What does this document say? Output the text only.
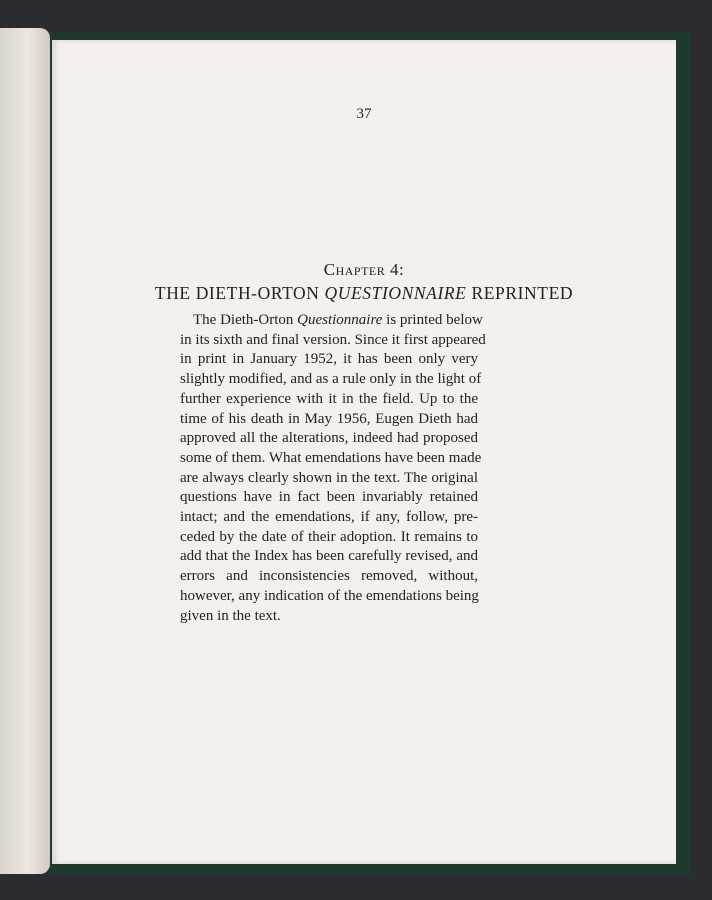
37
Chapter 4:
THE DIETH-ORTON QUESTIONNAIRE REPRINTED
The Dieth-Orton Questionnaire is printed below
in its sixth and final version. Since it first appeared
in print in January 1952, it has been only very
slightly modified, and as a rule only in the light of
further experience with it in the field. Up to the
time of his death in May 1956, Eugen Dieth had
approved all the alterations, indeed had proposed
some of them. What emendations have been made
are always clearly shown in the text. The original
questions have in fact been invariably retained
intact; and the emendations, if any, follow, pre-
ceded by the date of their adoption. It remains to
add that the Index has been carefully revised, and
errors and inconsistencies removed, without,
however, any indication of the emendations being
given in the text.
